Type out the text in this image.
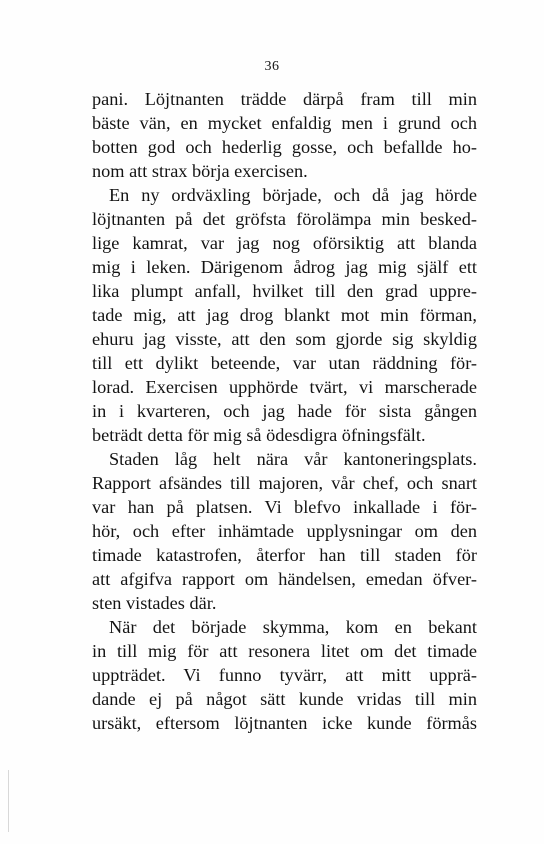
36
pani. Löjtnanten trädde därpå fram till min
bäste vän, en mycket enfaldig men i grund och
botten god och hederlig gosse, och befallde ho-
nom att strax börja exercisen.
En ny ordväxling började, och då jag hörde
löjtnanten på det gröfsta förolämpa min besked-
lige kamrat, var jag nog oförsiktig att blanda
mig i leken. Därigenom ådrog jag mig själf ett
lika plumpt anfall, hvilket till den grad uppre-
tade mig, att jag drog blankt mot min förman,
ehuru jag visste, att den som gjorde sig skyldig
till ett dylikt beteende, var utan räddning för-
lorad. Exercisen upphörde tvärt, vi marscherade
in i kvarteren, och jag hade för sista gången
beträdt detta för mig så ödesdigra öfningsfält.
Staden låg helt nära vår kantoneringsplats.
Rapport afsändes till majoren, vår chef, och snart
var han på platsen. Vi blefvo inkallade i för-
hör, och efter inhämtade upplysningar om den
timade katastrofen, återfor han till staden för
att afgifva rapport om händelsen, emedan öfver-
sten vistades där.
När det började skymma, kom en bekant
in till mig för att resonera litet om det timade
uppträdet. Vi funno tyvärr, att mitt upprä-
dande ej på något sätt kunde vridas till min
ursäkt, eftersom löjtnanten icke kunde förmås
